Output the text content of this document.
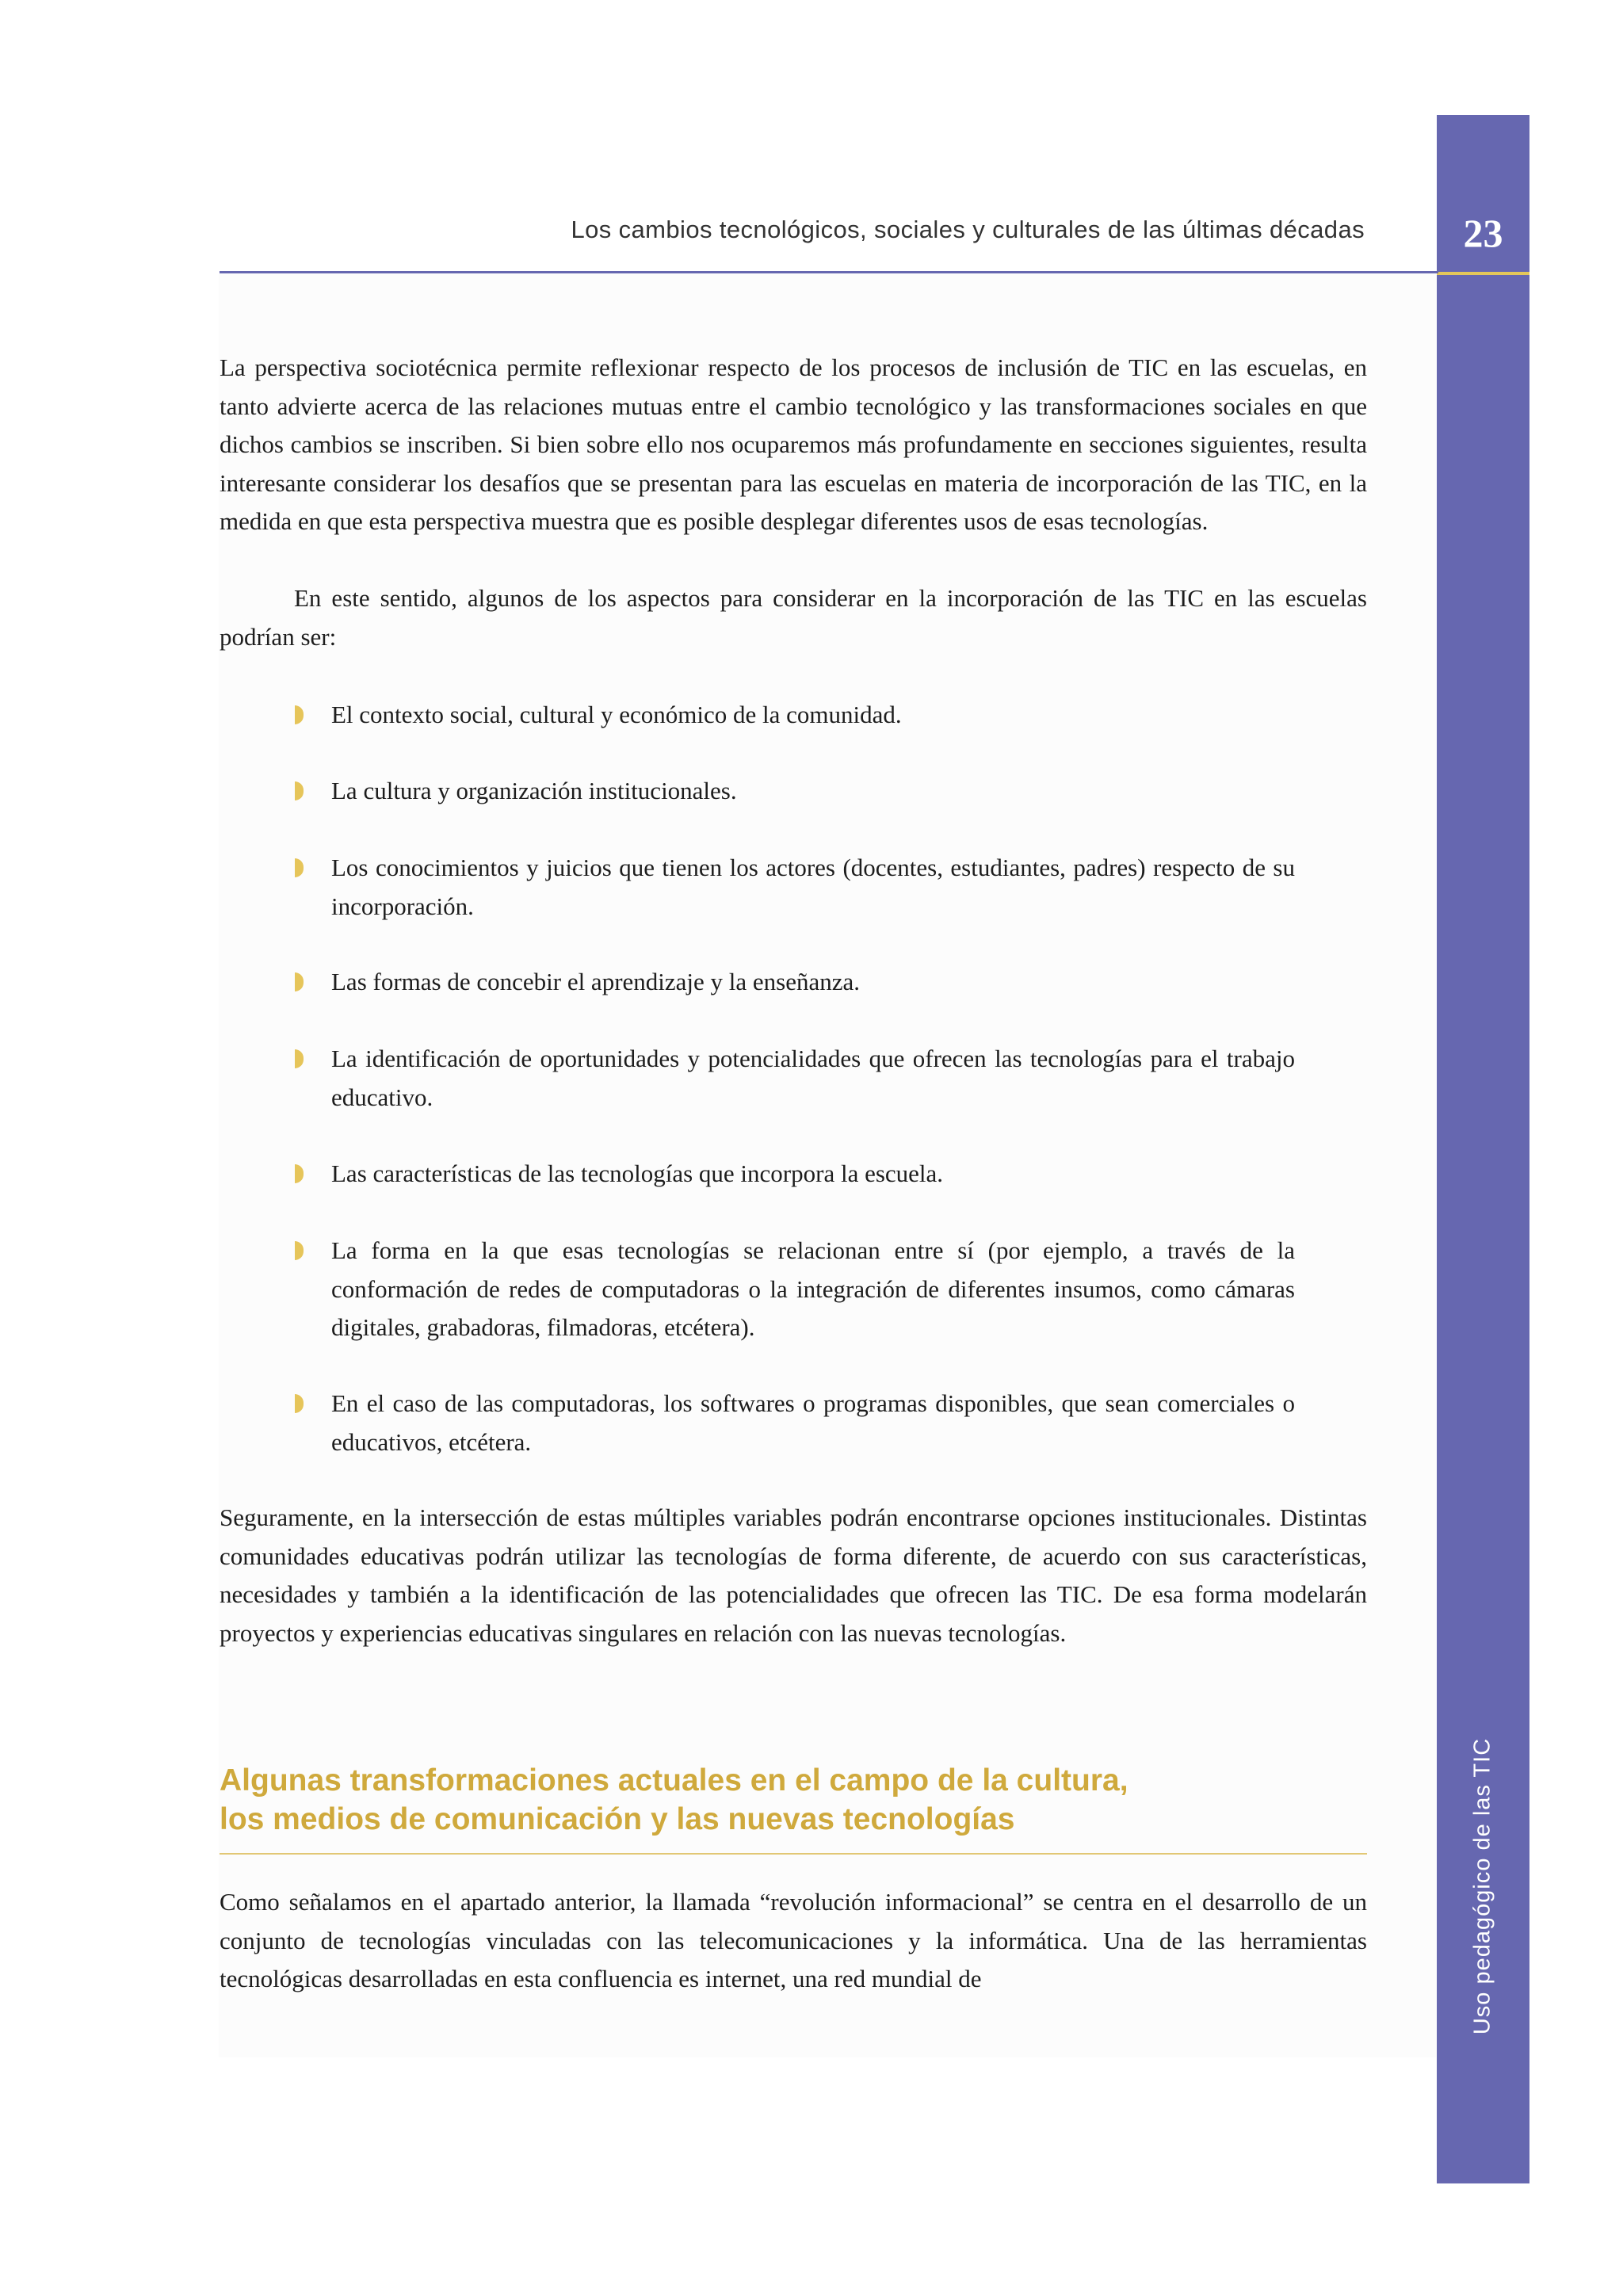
23
Uso pedagógico de las TIC
Los cambios tecnológicos, sociales y culturales de las últimas décadas

La perspectiva sociotécnica permite reflexionar respecto de los procesos de inclusión de TIC en las escuelas, en tanto advierte acerca de las relaciones mutuas entre el cambio tecnológico y las transformaciones sociales en que dichos cambios se inscriben. Si bien sobre ello nos ocuparemos más profundamente en secciones siguientes, resulta interesante considerar los desafíos que se presentan para las escuelas en materia de incorporación de las TIC, en la medida en que esta perspectiva muestra que es posible desplegar diferentes usos de esas tecnologías.

En este sentido, algunos de los aspectos para considerar en la incorporación de las TIC en las escuelas podrían ser:

El contexto social, cultural y económico de la comunidad.
La cultura y organización institucionales.
Los conocimientos y juicios que tienen los actores (docentes, estudiantes, padres) respecto de su incorporación.
Las formas de concebir el aprendizaje y la enseñanza.
La identificación de oportunidades y potencialidades que ofrecen las tecnologías para el trabajo educativo.
Las características de las tecnologías que incorpora la escuela.
La forma en la que esas tecnologías se relacionan entre sí (por ejemplo, a través de la conformación de redes de computadoras o la integración de diferentes insumos, como cámaras digitales, grabadoras, filmadoras, etcétera).
En el caso de las computadoras, los softwares o programas disponibles, que sean comerciales o educativos, etcétera.

Seguramente, en la intersección de estas múltiples variables podrán encontrarse opciones institucionales. Distintas comunidades educativas podrán utilizar las tecnologías de forma diferente, de acuerdo con sus características, necesidades y también a la identificación de las potencialidades que ofrecen las TIC. De esa forma modelarán proyectos y experiencias educativas singulares en relación con las nuevas tecnologías.

Algunas transformaciones actuales en el campo de la cultura,
los medios de comunicación y las nuevas tecnologías

Como señalamos en el apartado anterior, la llamada “revolución informacional” se centra en el desarrollo de un conjunto de tecnologías vinculadas con las telecomunicaciones y la informática. Una de las herramientas tecnológicas desarrolladas en esta confluencia es internet, una red mundial de
